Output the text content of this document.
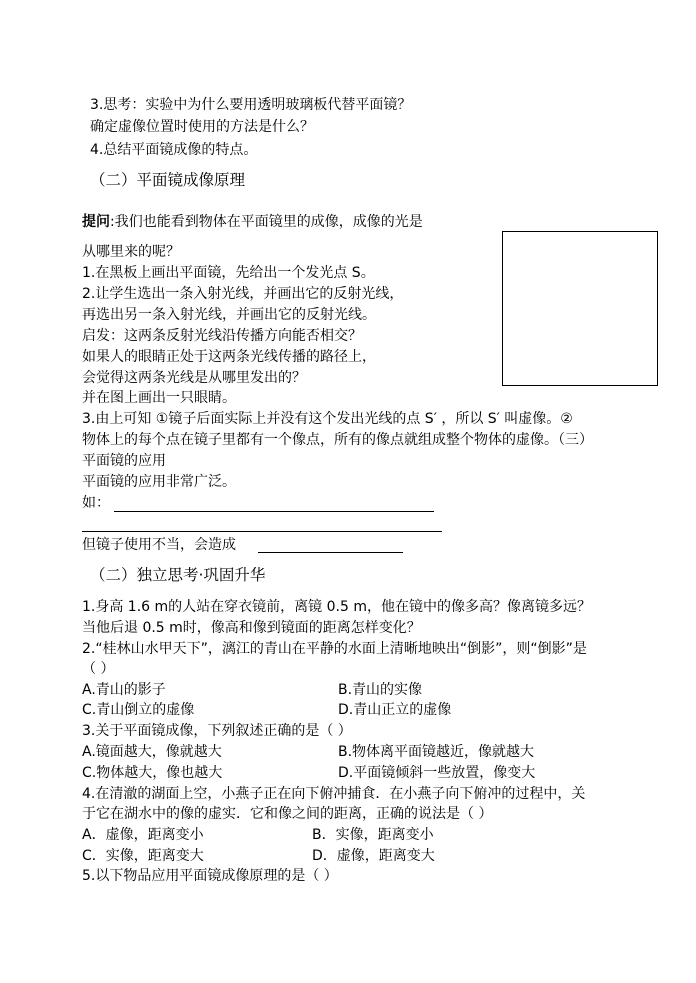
3.思考：实验中为什么要用透明玻璃板代替平面镜？
确定虚像位置时使用的方法是什么？
4.总结平面镜成像的特点。
（二）平面镜成像原理
提问:我们也能看到物体在平面镜里的成像，成像的光是
从哪里来的呢？
1.在黑板上画出平面镜，先给出一个发光点 S。
2.让学生选出一条入射光线，并画出它的反射光线，
再选出另一条入射光线，并画出它的反射光线。
启发：这两条反射光线沿传播方向能否相交？
如果人的眼睛正处于这两条光线传播的路径上，
会觉得这两条光线是从哪里发出的？
并在图上画出一只眼睛。
3.由上可知 ①镜子后面实际上并没有这个发出光线的点 S′ ，所以 S′ 叫虚像。②
物体上的每个点在镜子里都有一个像点，所有的像点就组成整个物体的虚像。（三）
平面镜的应用
平面镜的应用非常广泛。
如：
但镜子使用不当，会造成
（二）独立思考·巩固升华
1.身高 1.6 m的人站在穿衣镜前，离镜 0.5 m，他在镜中的像多高？像离镜多远？
当他后退 0.5 m时，像高和像到镜面的距离怎样变化？
2.“桂林山水甲天下”，漓江的青山在平静的水面上清晰地映出“倒影”，则“倒影”是
（ ）
A.青山的影子	B.青山的实像
C.青山倒立的虚像	D.青山正立的虚像
3.关于平面镜成像，下列叙述正确的是（ ）
A.镜面越大，像就越大	B.物体离平面镜越近，像就越大
C.物体越大，像也越大	D.平面镜倾斜一些放置，像变大
4.在清澈的湖面上空，小燕子正在向下俯冲捕食．在小燕子向下俯冲的过程中，关
于它在湖水中的像的虚实．它和像之间的距离，正确的说法是（ ）
A．虚像，距离变小	B．实像，距离变小
C．实像，距离变大	D．虚像，距离变大
5.以下物品应用平面镜成像原理的是（ ）
